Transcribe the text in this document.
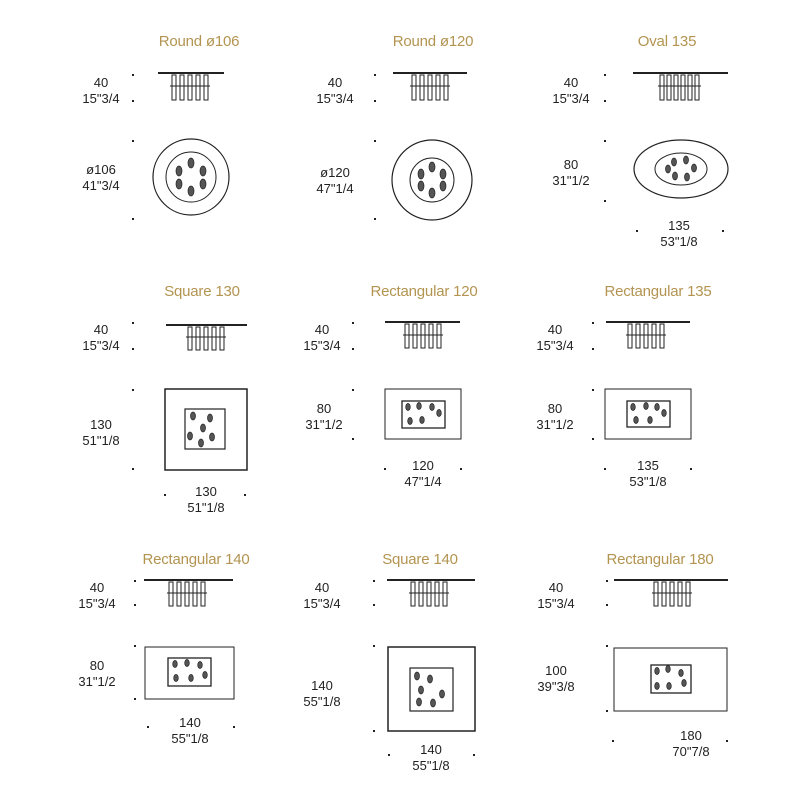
Round ø106
40
15"3/4
ø106
41"3/4
Round ø120
40
15"3/4
ø120
47"1/4
Oval 135
40
15"3/4
80
31"1/2
135
53"1/8
Square 130
40
15"3/4
130
51"1/8
130
51"1/8
Rectangular 120
40
15"3/4
80
31"1/2
120
47"1/4
Rectangular 135
40
15"3/4
80
31"1/2
135
53"1/8
Rectangular 140
40
15"3/4
80
31"1/2
140
55"1/8
Square 140
40
15"3/4
140
55"1/8
140
55"1/8
Rectangular 180
40
15"3/4
100
39"3/8
180
70"7/8
